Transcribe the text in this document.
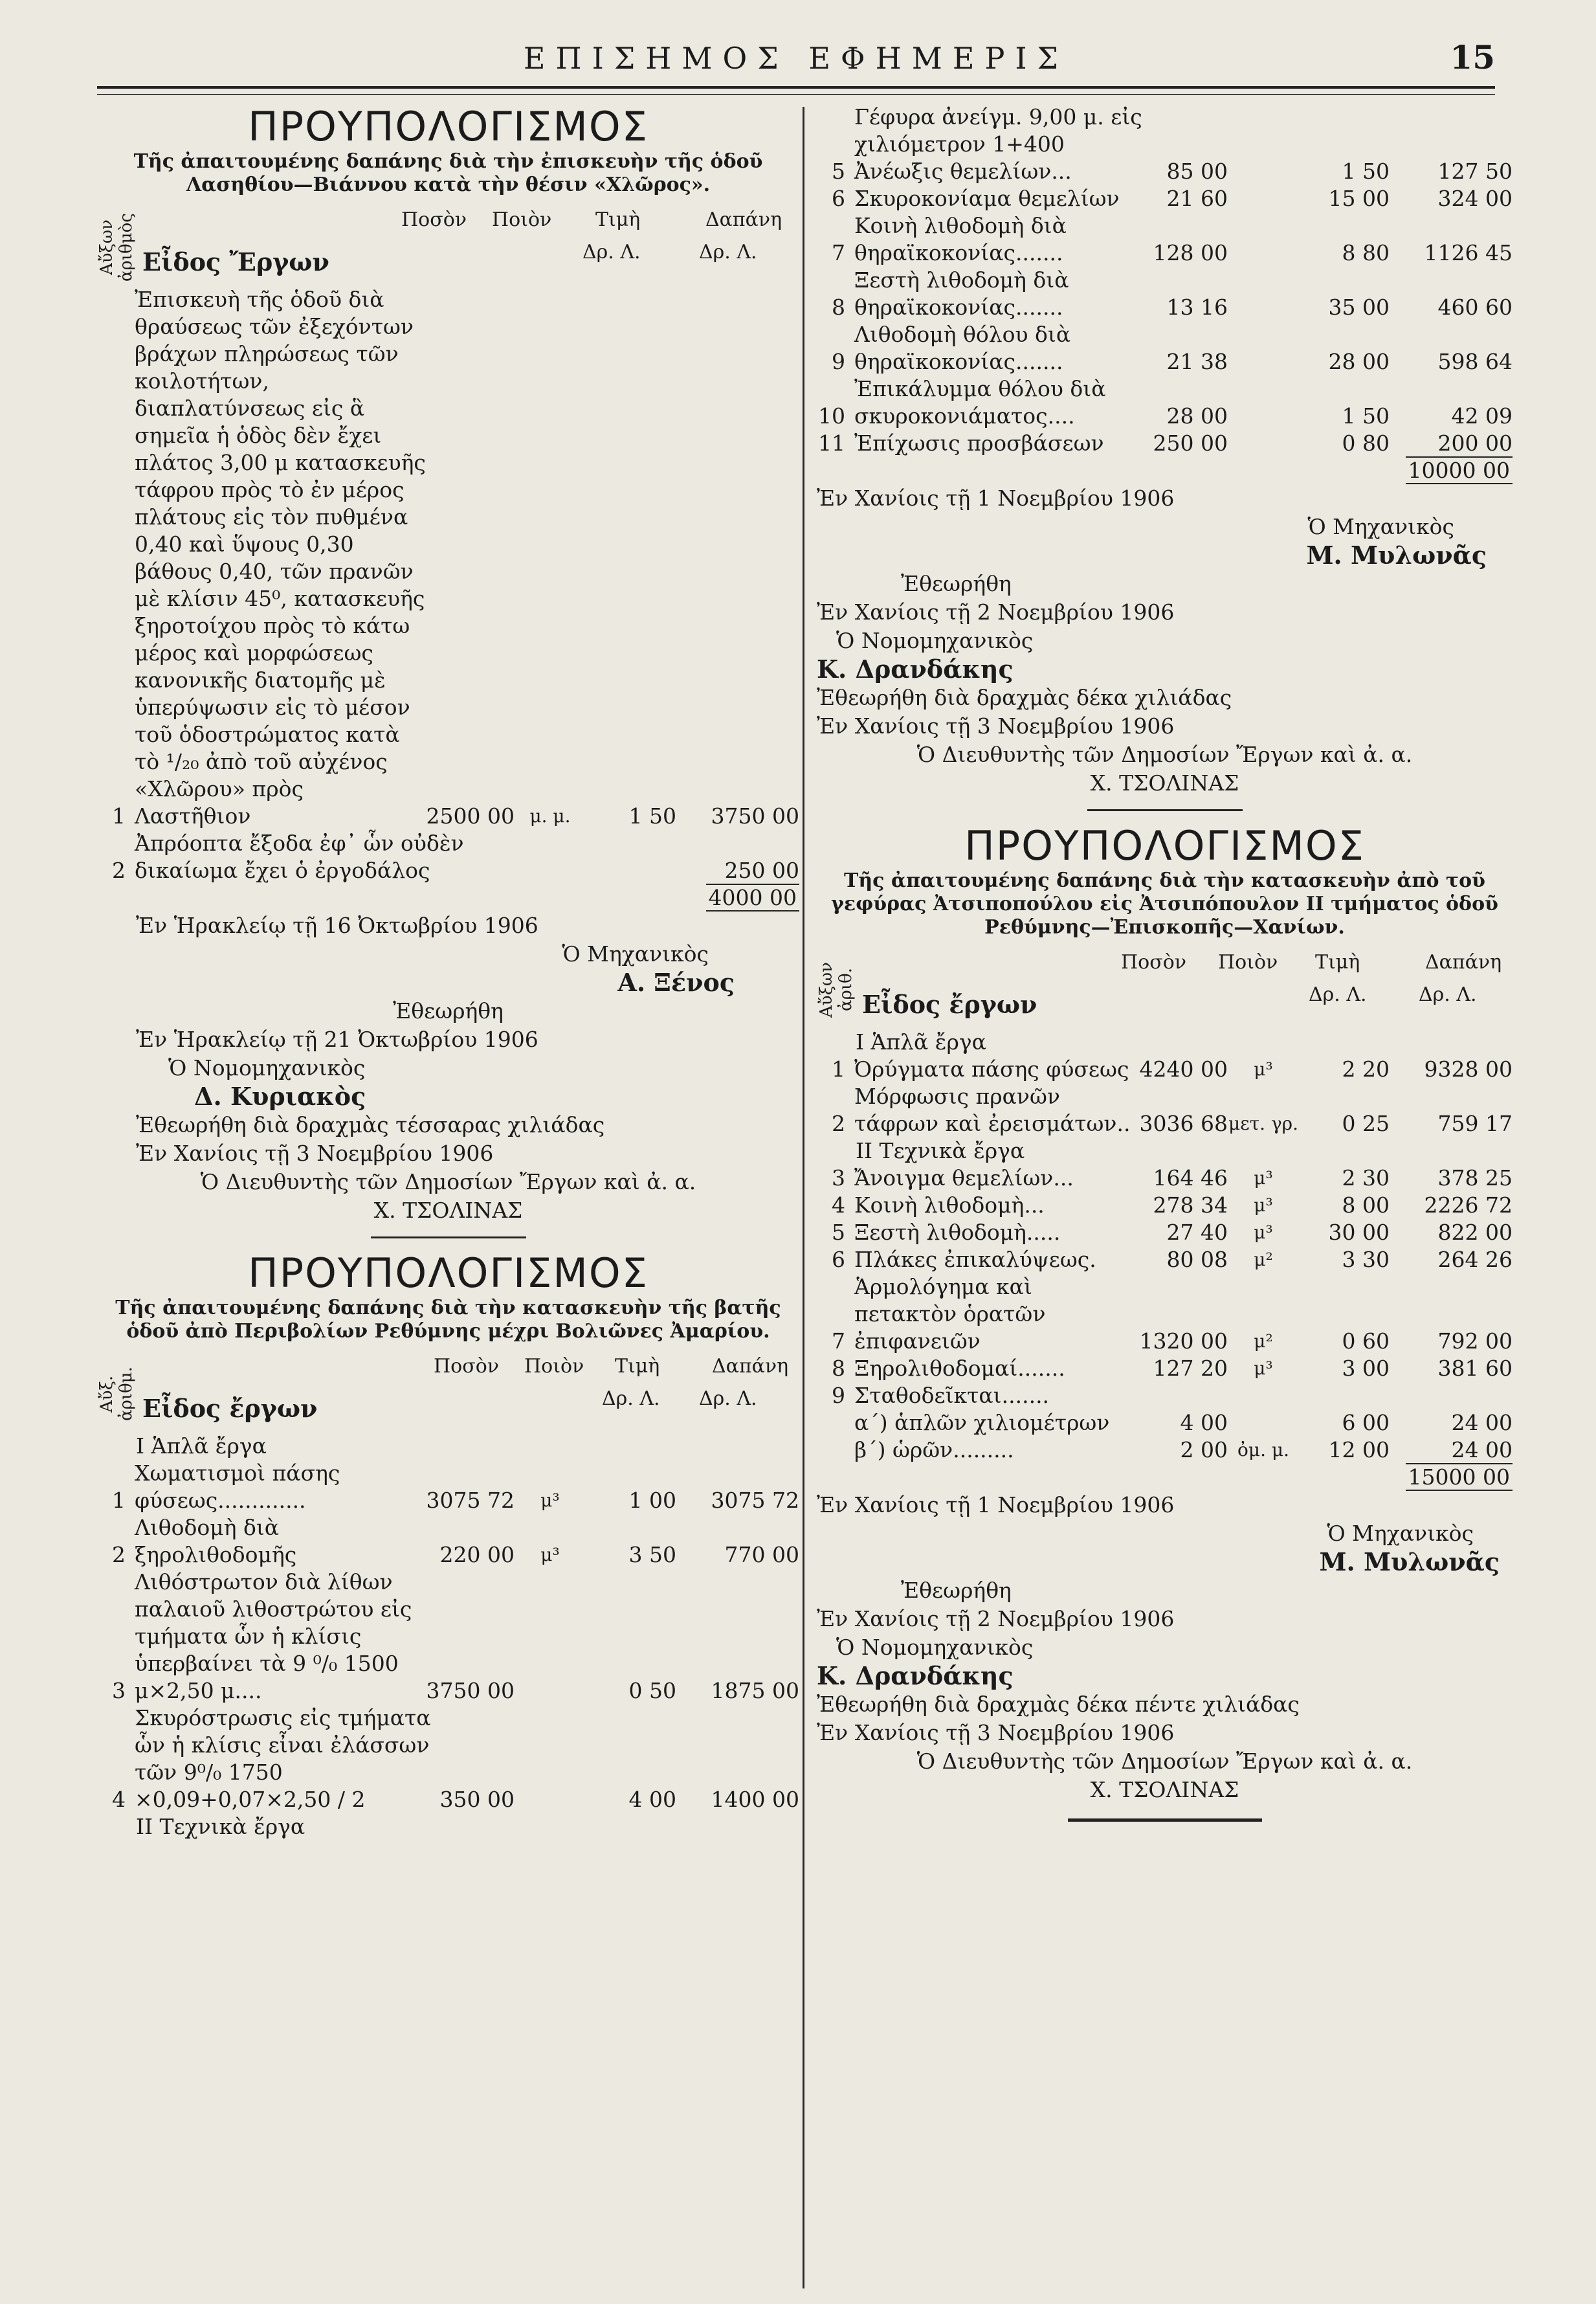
ΕΠΙΣΗΜΟΣ ΕΦΗΜΕΡΙΣ	15
ΠΡΟΥΠΟΛΟΓΙΣΜΟΣ

Τῆς ἀπαιτουμένης δαπάνης διὰ τὴν ἐπισκευὴν τῆς ὁδοῦ Λασηθίου—Βιάννου κατὰ τὴν θέσιν «Χλῶρος».

Αὔξων ἀριθμὸς Εἶδος Ἔργων
Ποσὸν Ποιὸν Τιμὴ	Δαπάνη
Δρ. Λ.	Δρ. Λ.
1
Ἐπισκευὴ τῆς ὁδοῦ διὰ θραύσεως τῶν ἐξεχόντων βράχων πληρώσεως τῶν κοιλοτήτων, διαπλατύνσεως εἰς ἃ σημεῖα ἡ ὁδὸς δὲν ἔχει πλάτος 3,00 μ κατασκευῆς τάφρου πρὸς τὸ ἐν μέρος πλάτους εἰς τὸν πυθμένα 0,40 καὶ ὕψους 0,30 βάθους 0,40, τῶν πρανῶν μὲ κλίσιν 45⁰, κατασκευῆς ξηροτοίχου πρὸς τὸ κάτω μέρος καὶ μορφώσεως κανονικῆς διατομῆς μὲ ὑπερύψωσιν εἰς τὸ μέσον τοῦ ὁδοστρώματος κατὰ τὸ ¹/₂₀ ἀπὸ τοῦ αὐχένος «Χλῶρου» πρὸς Λαστῆθιον	2500 00 μ. μ.	1 50	3750 00
2
Ἀπρόοπτα ἔξοδα ἐφ᾽ ὧν οὐδὲν δικαίωμα ἔχει ὁ ἐργοδάλος	250 00
4000 00
Ἐν Ἡρακλείῳ τῇ 16 Ὀκτωβρίου 1906
Ὁ Μηχανικὸς
Α. Ξένος
Ἐθεωρήθη
Ἐν Ἡρακλείῳ τῇ 21 Ὀκτωβρίου 1906
Ὁ Νομομηχανικὸς
Δ. Κυριακὸς
Ἐθεωρήθη διὰ δραχμὰς τέσσαρας χιλιάδας
Ἐν Χανίοις τῇ 3 Νοεμβρίου 1906
Ὁ Διευθυντὴς τῶν Δημοσίων Ἔργων καὶ ἀ. α.
Χ. ΤΣΟΛΙΝΑΣ
ΠΡΟΥΠΟΛΟΓΙΣΜΟΣ

Τῆς ἀπαιτουμένης δαπάνης διὰ τὴν κατασκευὴν τῆς βατῆς ὁδοῦ ἀπὸ Περιβολίων Ρεθύμνης μέχρι Βολιῶνες Ἀμαρίου.

Αὔξ. ἀριθμ. Εἶδος ἔργων
Ποσὸν Ποιὸν Τιμὴ	Δαπάνη
Δρ. Λ. Δρ. Λ.
Ι Ἁπλᾶ ἔργα
1
Χωματισμοὶ πάσης φύσεως.............	3075 72	μ³	1 00	3075 72
2
Λιθοδομὴ διὰ ξηρολιθοδομῆς	220 00	μ³	3 50	770 00
3
Λιθόστρωτον διὰ λίθων παλαιοῦ λιθοστρώτου εἰς τμήματα ὧν ἡ κλίσις ὑπερβαίνει τὰ 9 ⁰/₀ 1500 μ×2,50 μ....	3750 00	0 50	1875 00
4
Σκυρόστρωσις εἰς τμήματα ὧν ἡ κλίσις εἶναι ἐλάσσων τῶν 9⁰/₀ 1750 ×0,09+0,07×2,50 / 2	350 00	4 00	1400 00
ΙΙ Τεχνικὰ ἔργα
Γέφυρα ἀνείγμ. 9,00 μ. εἰς χιλιόμετρον 1+400
5 Ἀνέωξις θεμελίων...	85 00	1 50	127 50
6 Σκυροκονίαμα θεμελίων	21 60	15 00	324 00
7
Κοινὴ λιθοδομὴ διὰ θηραϊκοκονίας.......	128 00	8 80	1126 45
8
Ξεστὴ λιθοδομὴ διὰ θηραϊκοκονίας.......	13 16	35 00	460 60
9
Λιθοδομὴ θόλου διὰ θηραϊκοκονίας.......	21 38	28 00	598 64
10
Ἐπικάλυμμα θόλου διὰ σκυροκονιάματος....	28 00	1 50	42 09
11 Ἐπίχωσις προσβάσεων	250 00	0 80	200 00
10000 00
Ἐν Χανίοις τῇ 1 Νοεμβρίου 1906
Ὁ Μηχανικὸς
Μ. Μυλωνᾶς
Ἐθεωρήθη
Ἐν Χανίοις τῇ 2 Νοεμβρίου 1906
Ὁ Νομομηχανικὸς
Κ. Δρανδάκης
Ἐθεωρήθη διὰ δραχμὰς δέκα χιλιάδας
Ἐν Χανίοις τῇ 3 Νοεμβρίου 1906
Ὁ Διευθυντὴς τῶν Δημοσίων Ἔργων καὶ ἀ. α.
Χ. ΤΣΟΛΙΝΑΣ
ΠΡΟΥΠΟΛΟΓΙΣΜΟΣ

Τῆς ἀπαιτουμένης δαπάνης διὰ τὴν κατασκευὴν ἀπὸ τοῦ γεφύρας Ἀτσιποπούλου εἰς Ἀτσιπόπουλον ΙΙ τμήματος ὁδοῦ Ρεθύμνης—Ἐπισκοπῆς—Χανίων.

Αὔξων ἀριθ. Εἶδος ἔργων
Ποσὸν Ποιὸν Τιμὴ	Δαπάνη
Δρ. Λ.	Δρ. Λ.
Ι Ἁπλᾶ ἔργα
1 Ὀρύγματα πάσης φύσεως 4240 00	μ³	2 20	9328 00
2
Μόρφωσις πρανῶν τάφρων καὶ ἐρεισμάτων.. 3036 68 μετ. γρ.	0 25	759 17
ΙΙ Τεχνικὰ ἔργα
3 Ἄνοιγμα θεμελίων...	164 46	μ³	2 30	378 25
4 Κοινὴ λιθοδομὴ...	278 34	μ³	8 00	2226 72
5 Ξεστὴ λιθοδομὴ.....	27 40	μ³	30 00	822 00
6 Πλάκες ἐπικαλύψεως.	80 08	μ²	3 30	264 26
7
Ἁρμολόγημα καὶ πετακτὸν ὁρατῶν ἐπιφανειῶν	1320 00	μ²	0 60	792 00
8 Ξηρολιθοδομαί.......	127 20	μ³	3 00	381 60
9 Σταθοδεῖκται.......
α΄) ἁπλῶν χιλιομέτρων	4 00	6 00	24 00
β΄) ὡρῶν.........	2 00 ὀμ. μ.	12 00	24 00
15000 00
Ἐν Χανίοις τῇ 1 Νοεμβρίου 1906
Ὁ Μηχανικὸς
Μ. Μυλωνᾶς
Ἐθεωρήθη
Ἐν Χανίοις τῇ 2 Νοεμβρίου 1906
Ὁ Νομομηχανικὸς
Κ. Δρανδάκης
Ἐθεωρήθη διὰ δραχμὰς δέκα πέντε χιλιάδας
Ἐν Χανίοις τῇ 3 Νοεμβρίου 1906
Ὁ Διευθυντὴς τῶν Δημοσίων Ἔργων καὶ ἀ. α.
Χ. ΤΣΟΛΙΝΑΣ
